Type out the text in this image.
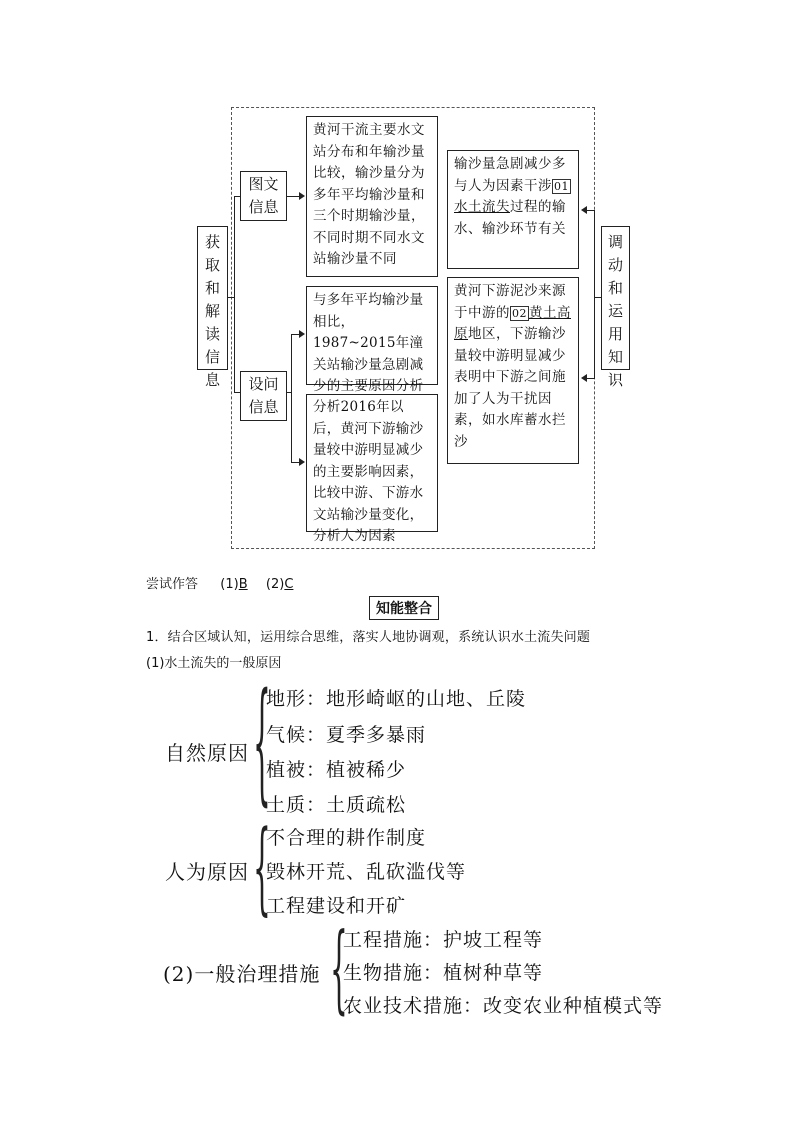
获取和解读信息
图文信息
设问信息
黄河干流主要水文站分布和年输沙量比较，输沙量分为多年平均输沙量和三个时期输沙量，不同时期不同水文站输沙量不同
与多年平均输沙量相比，1987~2015年潼关站输沙量急剧减少的主要原因分析
分析2016年以后，黄河下游输沙量较中游明显减少的主要影响因素，比较中游、下游水文站输沙量变化，分析人为因素
输沙量急剧减少多与人为因素干涉 01水土流失过程的输水、输沙环节有关
黄河下游泥沙来源于中游的 02 黄土高原地区，下游输沙量较中游明显减少表明中下游之间施加了人为干扰因素，如水库蓄水拦沙
调动和运用知识
尝试作答 (1)B (2)C
知能整合
1．结合区域认知，运用综合思维，落实人地协调观，系统认识水土流失问题
(1)水土流失的一般原因
自然原因 {
地形：地形崎岖的山地、丘陵
气候：夏季多暴雨
植被：植被稀少
土质：土质疏松
人为原因 {
不合理的耕作制度
毁林开荒、乱砍滥伐等
工程建设和开矿
(2)一般治理措施 {
工程措施：护坡工程等
生物措施：植树种草等
农业技术措施：改变农业种植模式等
